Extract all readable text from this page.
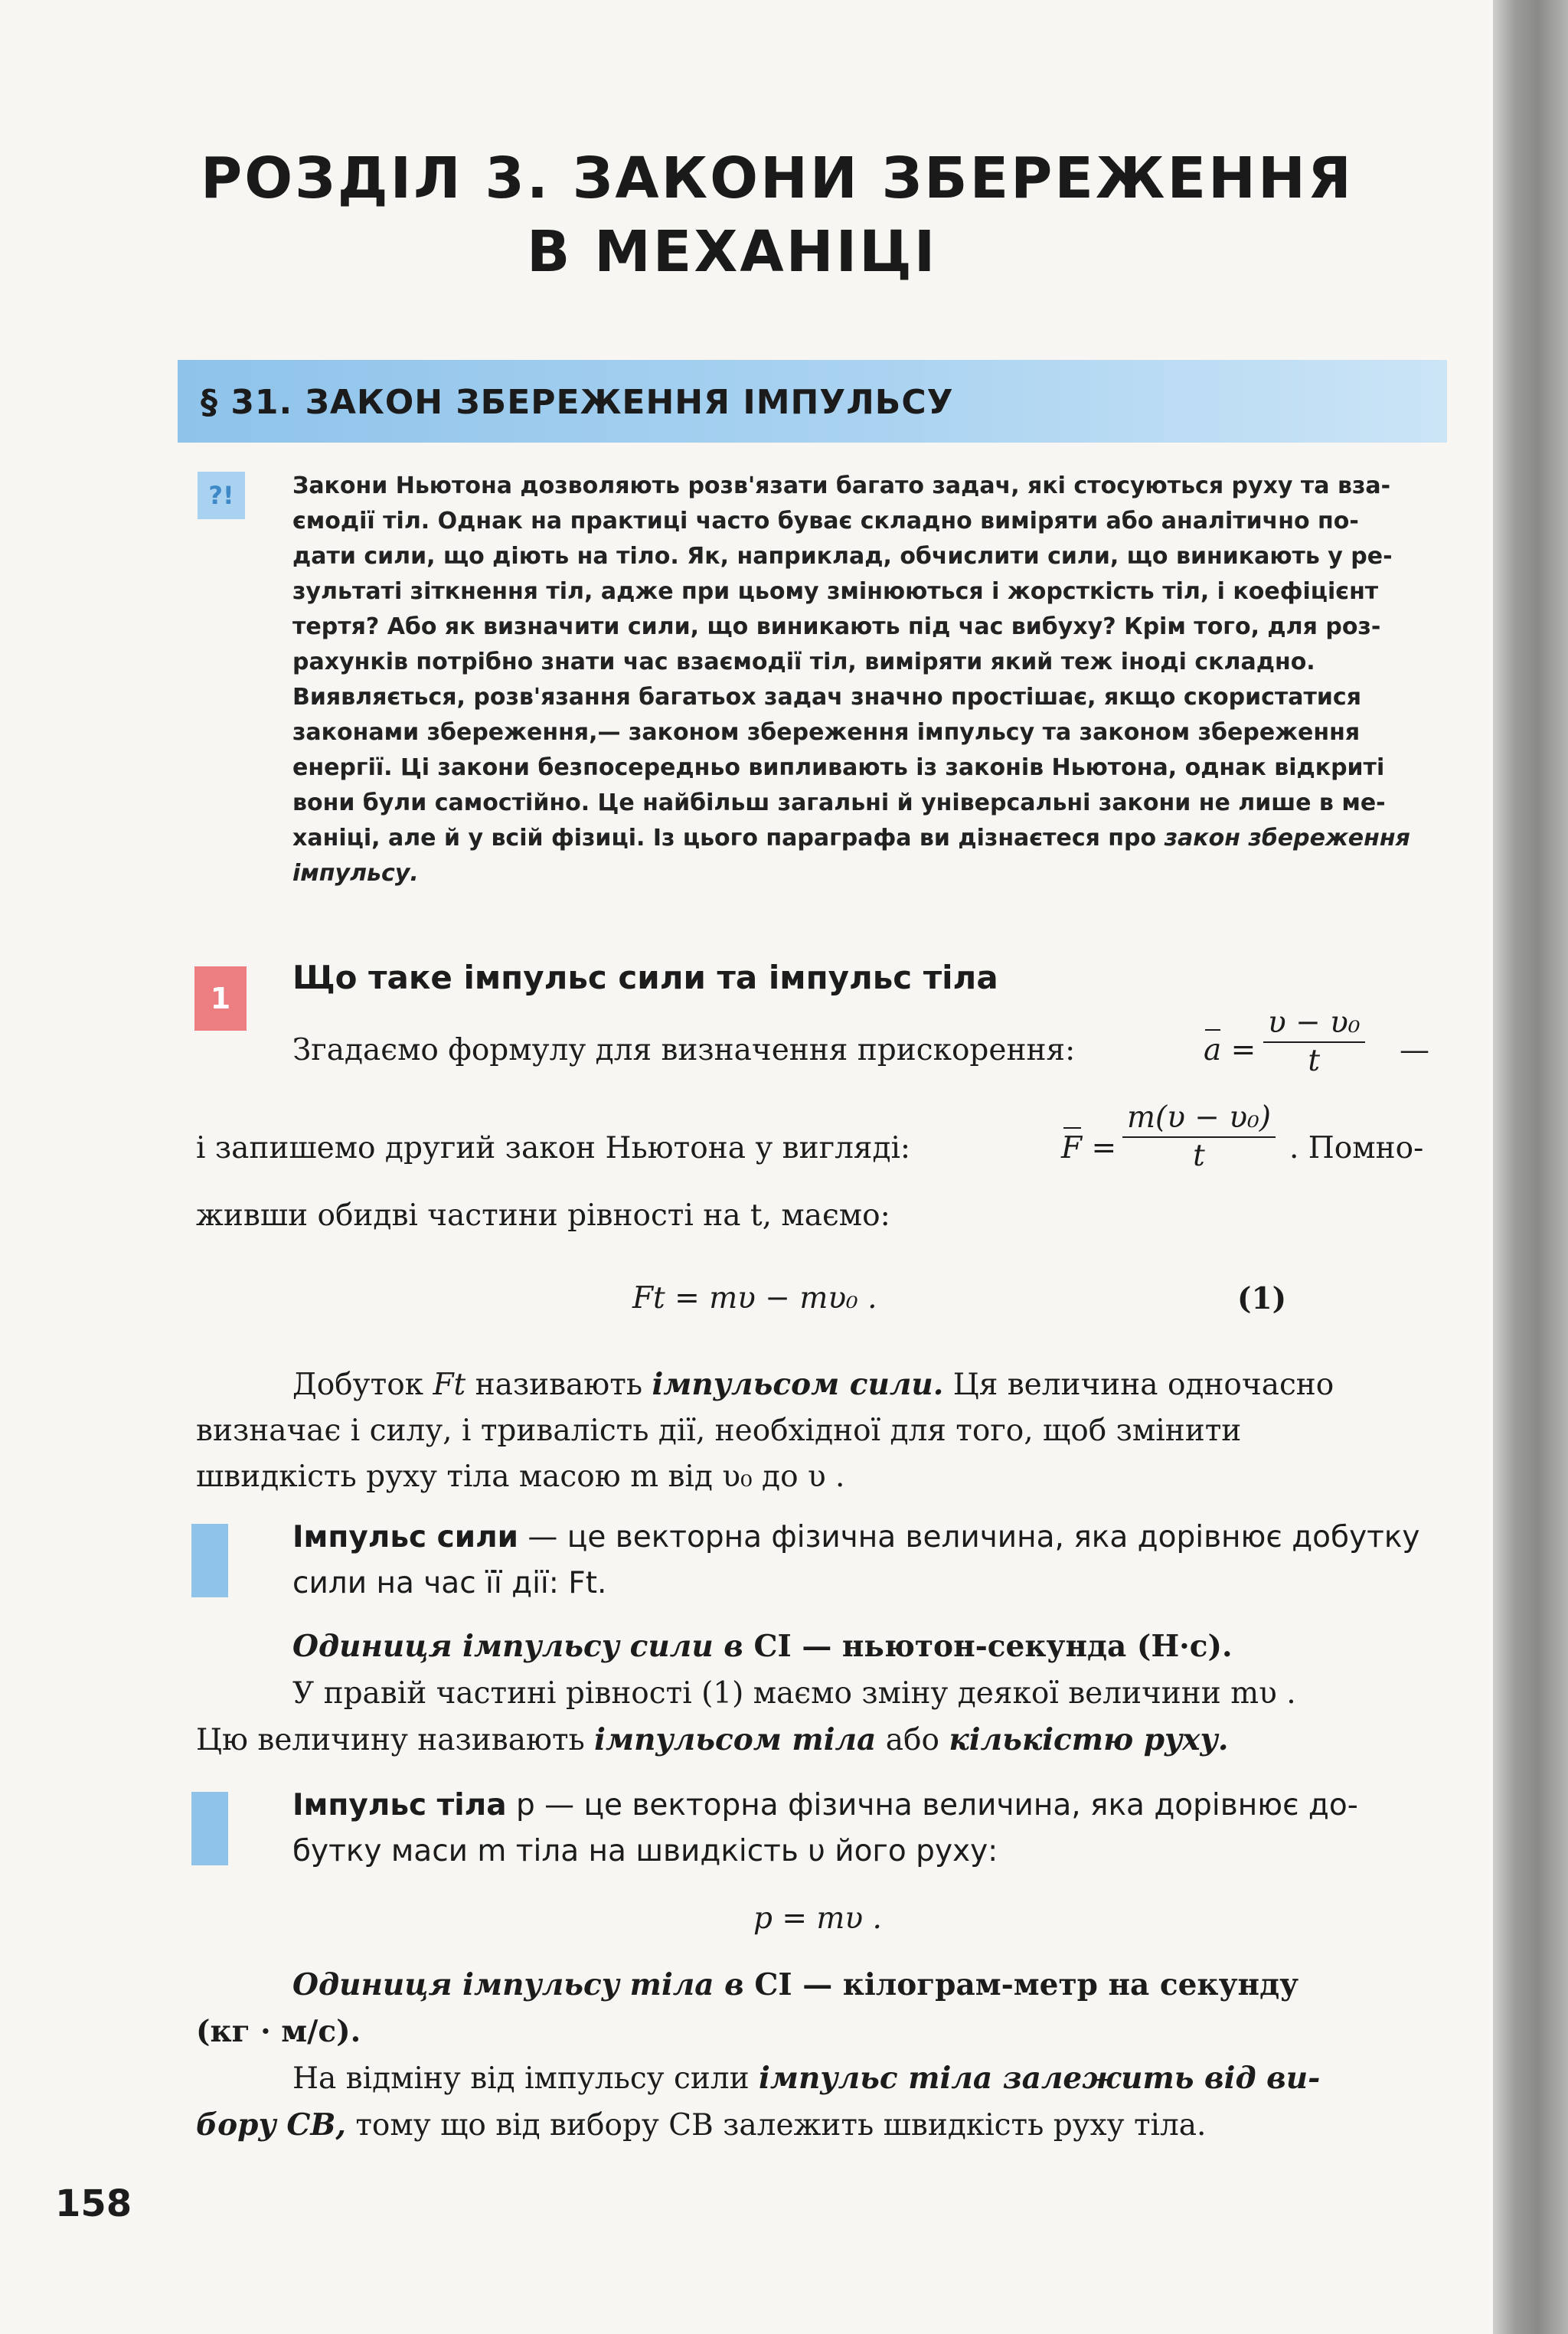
РОЗДІЛ 3. ЗАКОНИ ЗБЕРЕЖЕННЯ
В МЕХАНІЦІ
§ 31. ЗАКОН ЗБЕРЕЖЕННЯ ІМПУЛЬСУ
?!	Закони Ньютона дозволяють розв'язати багато задач, які стосуються руху та вза-
ємодії тіл. Однак на практиці часто буває складно виміряти або аналітично по-
дати сили, що діють на тіло. Як, наприклад, обчислити сили, що виникають у ре-
зультаті зіткнення тіл, адже при цьому змінюються і жорсткість тіл, і коефіцієнт
тертя? Або як визначити сили, що виникають під час вибуху? Крім того, для роз-
рахунків потрібно знати час взаємодії тіл, виміряти який теж іноді складно.
Виявляється, розв'язання багатьох задач значно простішає, якщо скористатися
законами збереження,— законом збереження імпульсу та законом збереження
енергії. Ці закони безпосередньо випливають із законів Ньютона, однак відкриті
вони були самостійно. Це найбільш загальні й універсальні закони не лише в ме-
ханіці, але й у всій фізиці. Із цього параграфа ви дізнаєтеся про закон збереження
імпульсу.
1
Що таке імпульс сили та імпульс тіла
Згадаємо формулу для визначення прискорення:	$a = \frac{\text{υ − υ₀}}{t}$ —
і запишемо другий закон Ньютона у вигляді:	$F = \frac{\text{m(υ − υ₀)}}{t}$ . Помно-
живши обидві частини рівності на t, маємо:
Ft = mυ − mυ₀ .	(1)
Добуток Ft називають імпульсом сили. Ця величина одночасно
визначає і силу, і тривалість дії, необхідної для того, щоб змінити
швидкість руху тіла масою m від υ₀ до υ .
Імпульс сили — це векторна фізична величина, яка дорівнює добутку
сили на час її дії: Ft.
Одиниця імпульсу сили в СІ — ньютон-секунда (Н·с).
У правій частині рівності (1) маємо зміну деякої величини mυ .
Цю величину називають імпульсом тіла або кількістю руху.
Імпульс тіла p — це векторна фізична величина, яка дорівнює до-
бутку маси m тіла на швидкість υ його руху:
p = mυ .
Одиниця імпульсу тіла в СІ — кілограм-метр на секунду
(кг · м/с).
На відміну від імпульсу сили імпульс тіла залежить від ви-
бору СВ, тому що від вибору СВ залежить швидкість руху тіла.
158
